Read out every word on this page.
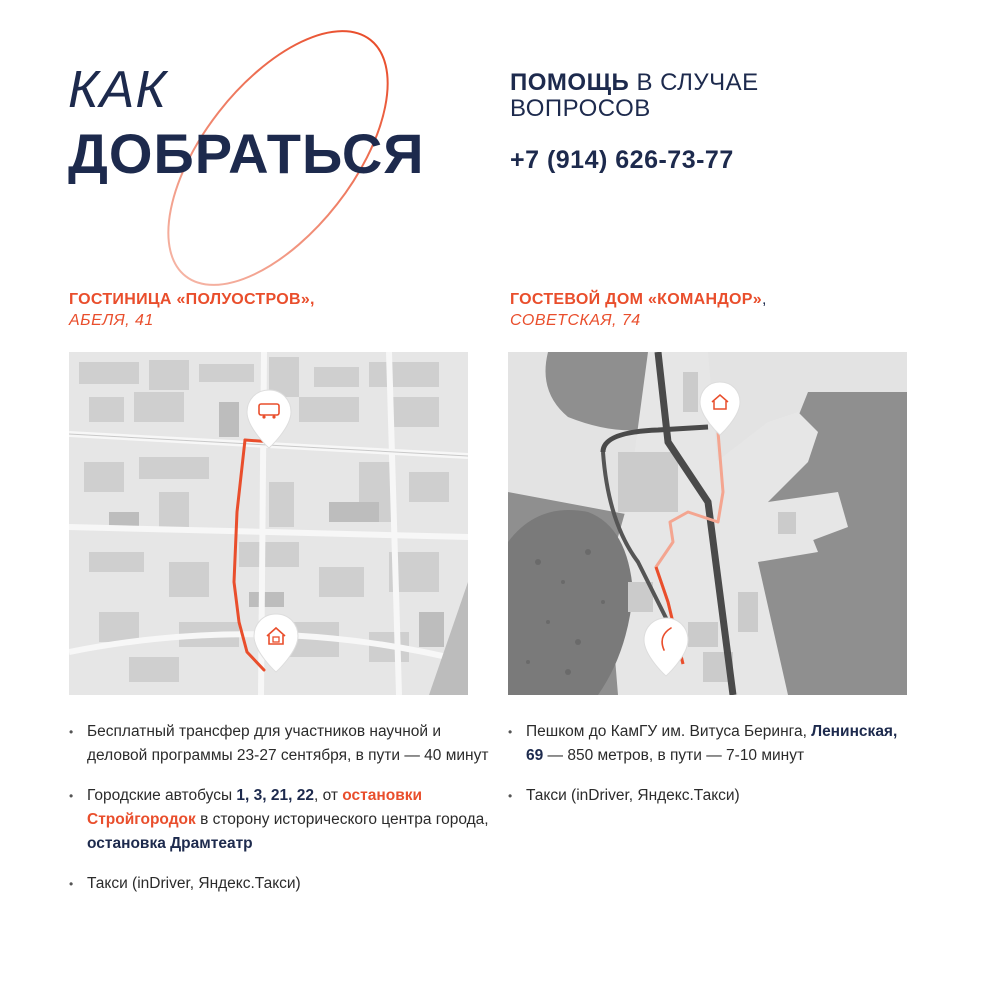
КАК
ДОБРАТЬСЯ
ПОМОЩЬ В СЛУЧАЕ
ВОПРОСОВ
+7 (914) 626-73-77
ГОСТИНИЦА «ПОЛУОСТРОВ»,
АБЕЛЯ, 41
• Бесплатный трансфер для участников научной и деловой программы 23-27 сентября, в пути — 40 минут
• Городские автобусы 1, 3, 21, 22, от остановки Стройгородок в сторону исторического центра города, остановка Драмтеатр
• Такси (inDriver, Яндекс.Такси)
ГОСТЕВОЙ ДОМ «КОМАНДОР»,
СОВЕТСКАЯ, 74
• Пешком до КамГУ им. Витуса Беринга, Ленинская, 69 — 850 метров, в пути — 7-10 минут
• Такси (inDriver, Яндекс.Такси)
